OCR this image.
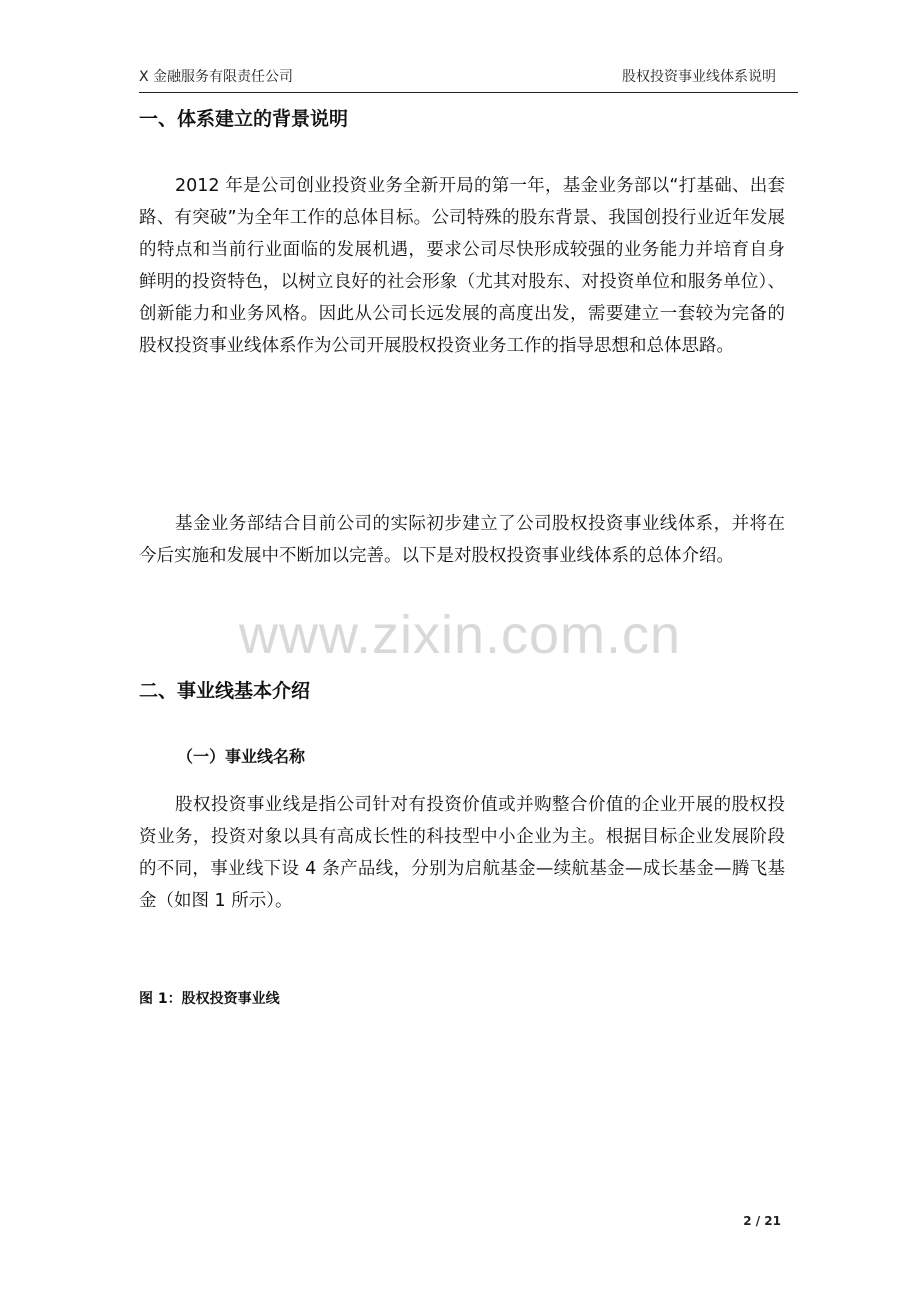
X 金融服务有限责任公司	股权投资事业线体系说明
一、体系建立的背景说明

2012 年是公司创业投资业务全新开局的第一年，基金业务部以“打基础、出套路、有突破”为全年工作的总体目标。公司特殊的股东背景、我国创投行业近年发展的特点和当前行业面临的发展机遇，要求公司尽快形成较强的业务能力并培育自身鲜明的投资特色，以树立良好的社会形象（尤其对股东、对投资单位和服务单位）、创新能力和业务风格。因此从公司长远发展的高度出发，需要建立一套较为完备的股权投资事业线体系作为公司开展股权投资业务工作的指导思想和总体思路。

基金业务部结合目前公司的实际初步建立了公司股权投资事业线体系，并将在今后实施和发展中不断加以完善。以下是对股权投资事业线体系的总体介绍。

www.zixin.com.cn
二、事业线基本介绍
（一）事业线名称

股权投资事业线是指公司针对有投资价值或并购整合价值的企业开展的股权投资业务，投资对象以具有高成长性的科技型中小企业为主。根据目标企业发展阶段的不同，事业线下设 4 条产品线，分别为启航基金—续航基金—成长基金—腾飞基金（如图 1 所示）。

图 1：股权投资事业线

2 / 21
